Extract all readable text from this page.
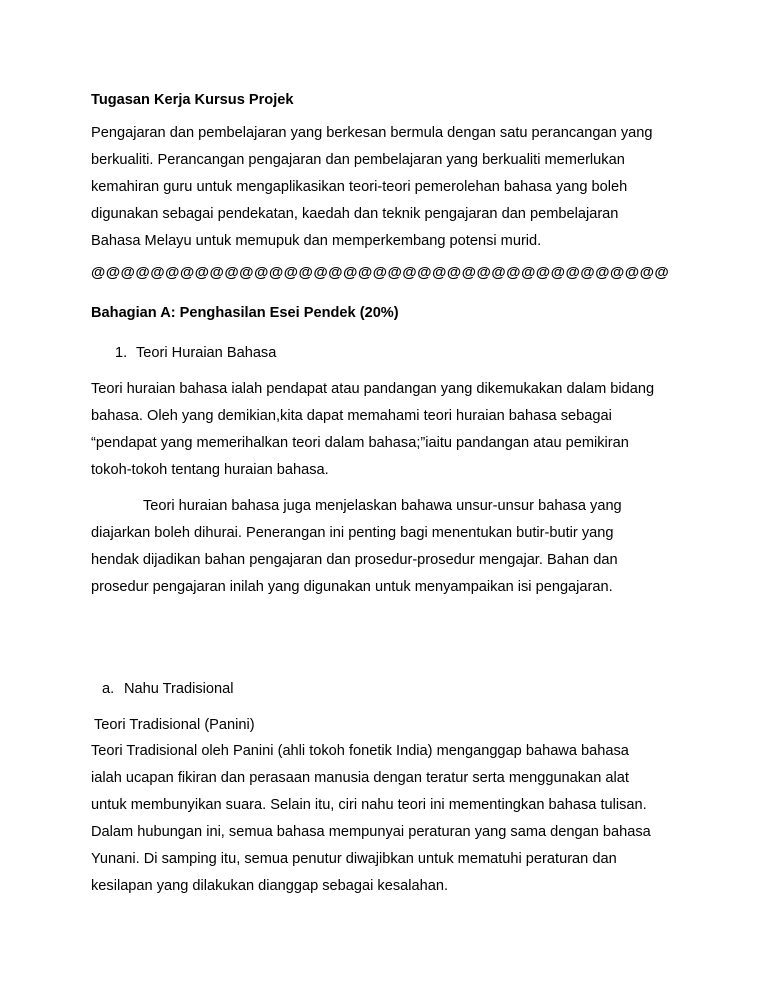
Tugasan Kerja Kursus Projek
Pengajaran dan pembelajaran yang berkesan bermula dengan satu perancangan yang
berkualiti. Perancangan pengajaran dan pembelajaran yang berkualiti memerlukan
kemahiran guru untuk mengaplikasikan teori-teori pemerolehan bahasa yang boleh
digunakan sebagai pendekatan, kaedah dan teknik pengajaran dan pembelajaran
Bahasa Melayu untuk memupuk dan memperkembang potensi murid.
@@@@@@@@@@@@@@@@@@@@@@@@@@@@@@@@@@@@@@@
Bahagian A: Penghasilan Esei Pendek (20%)
1. Teori Huraian Bahasa
Teori huraian bahasa ialah pendapat atau pandangan yang dikemukakan dalam bidang
bahasa. Oleh yang demikian,kita dapat memahami teori huraian bahasa sebagai
“pendapat yang memerihalkan teori dalam bahasa;”iaitu pandangan atau pemikiran
tokoh-tokoh tentang huraian bahasa.
Teori huraian bahasa juga menjelaskan bahawa unsur-unsur bahasa yang
diajarkan boleh dihurai. Penerangan ini penting bagi menentukan butir-butir yang
hendak dijadikan bahan pengajaran dan prosedur-prosedur mengajar. Bahan dan
prosedur pengajaran inilah yang digunakan untuk menyampaikan isi pengajaran.
a. Nahu Tradisional
Teori Tradisional (Panini)
Teori Tradisional oleh Panini (ahli tokoh fonetik India) menganggap bahawa bahasa
ialah ucapan fikiran dan perasaan manusia dengan teratur serta menggunakan alat
untuk membunyikan suara. Selain itu, ciri nahu teori ini mementingkan bahasa tulisan.
Dalam hubungan ini, semua bahasa mempunyai peraturan yang sama dengan bahasa
Yunani. Di samping itu, semua penutur diwajibkan untuk mematuhi peraturan dan
kesilapan yang dilakukan dianggap sebagai kesalahan.
